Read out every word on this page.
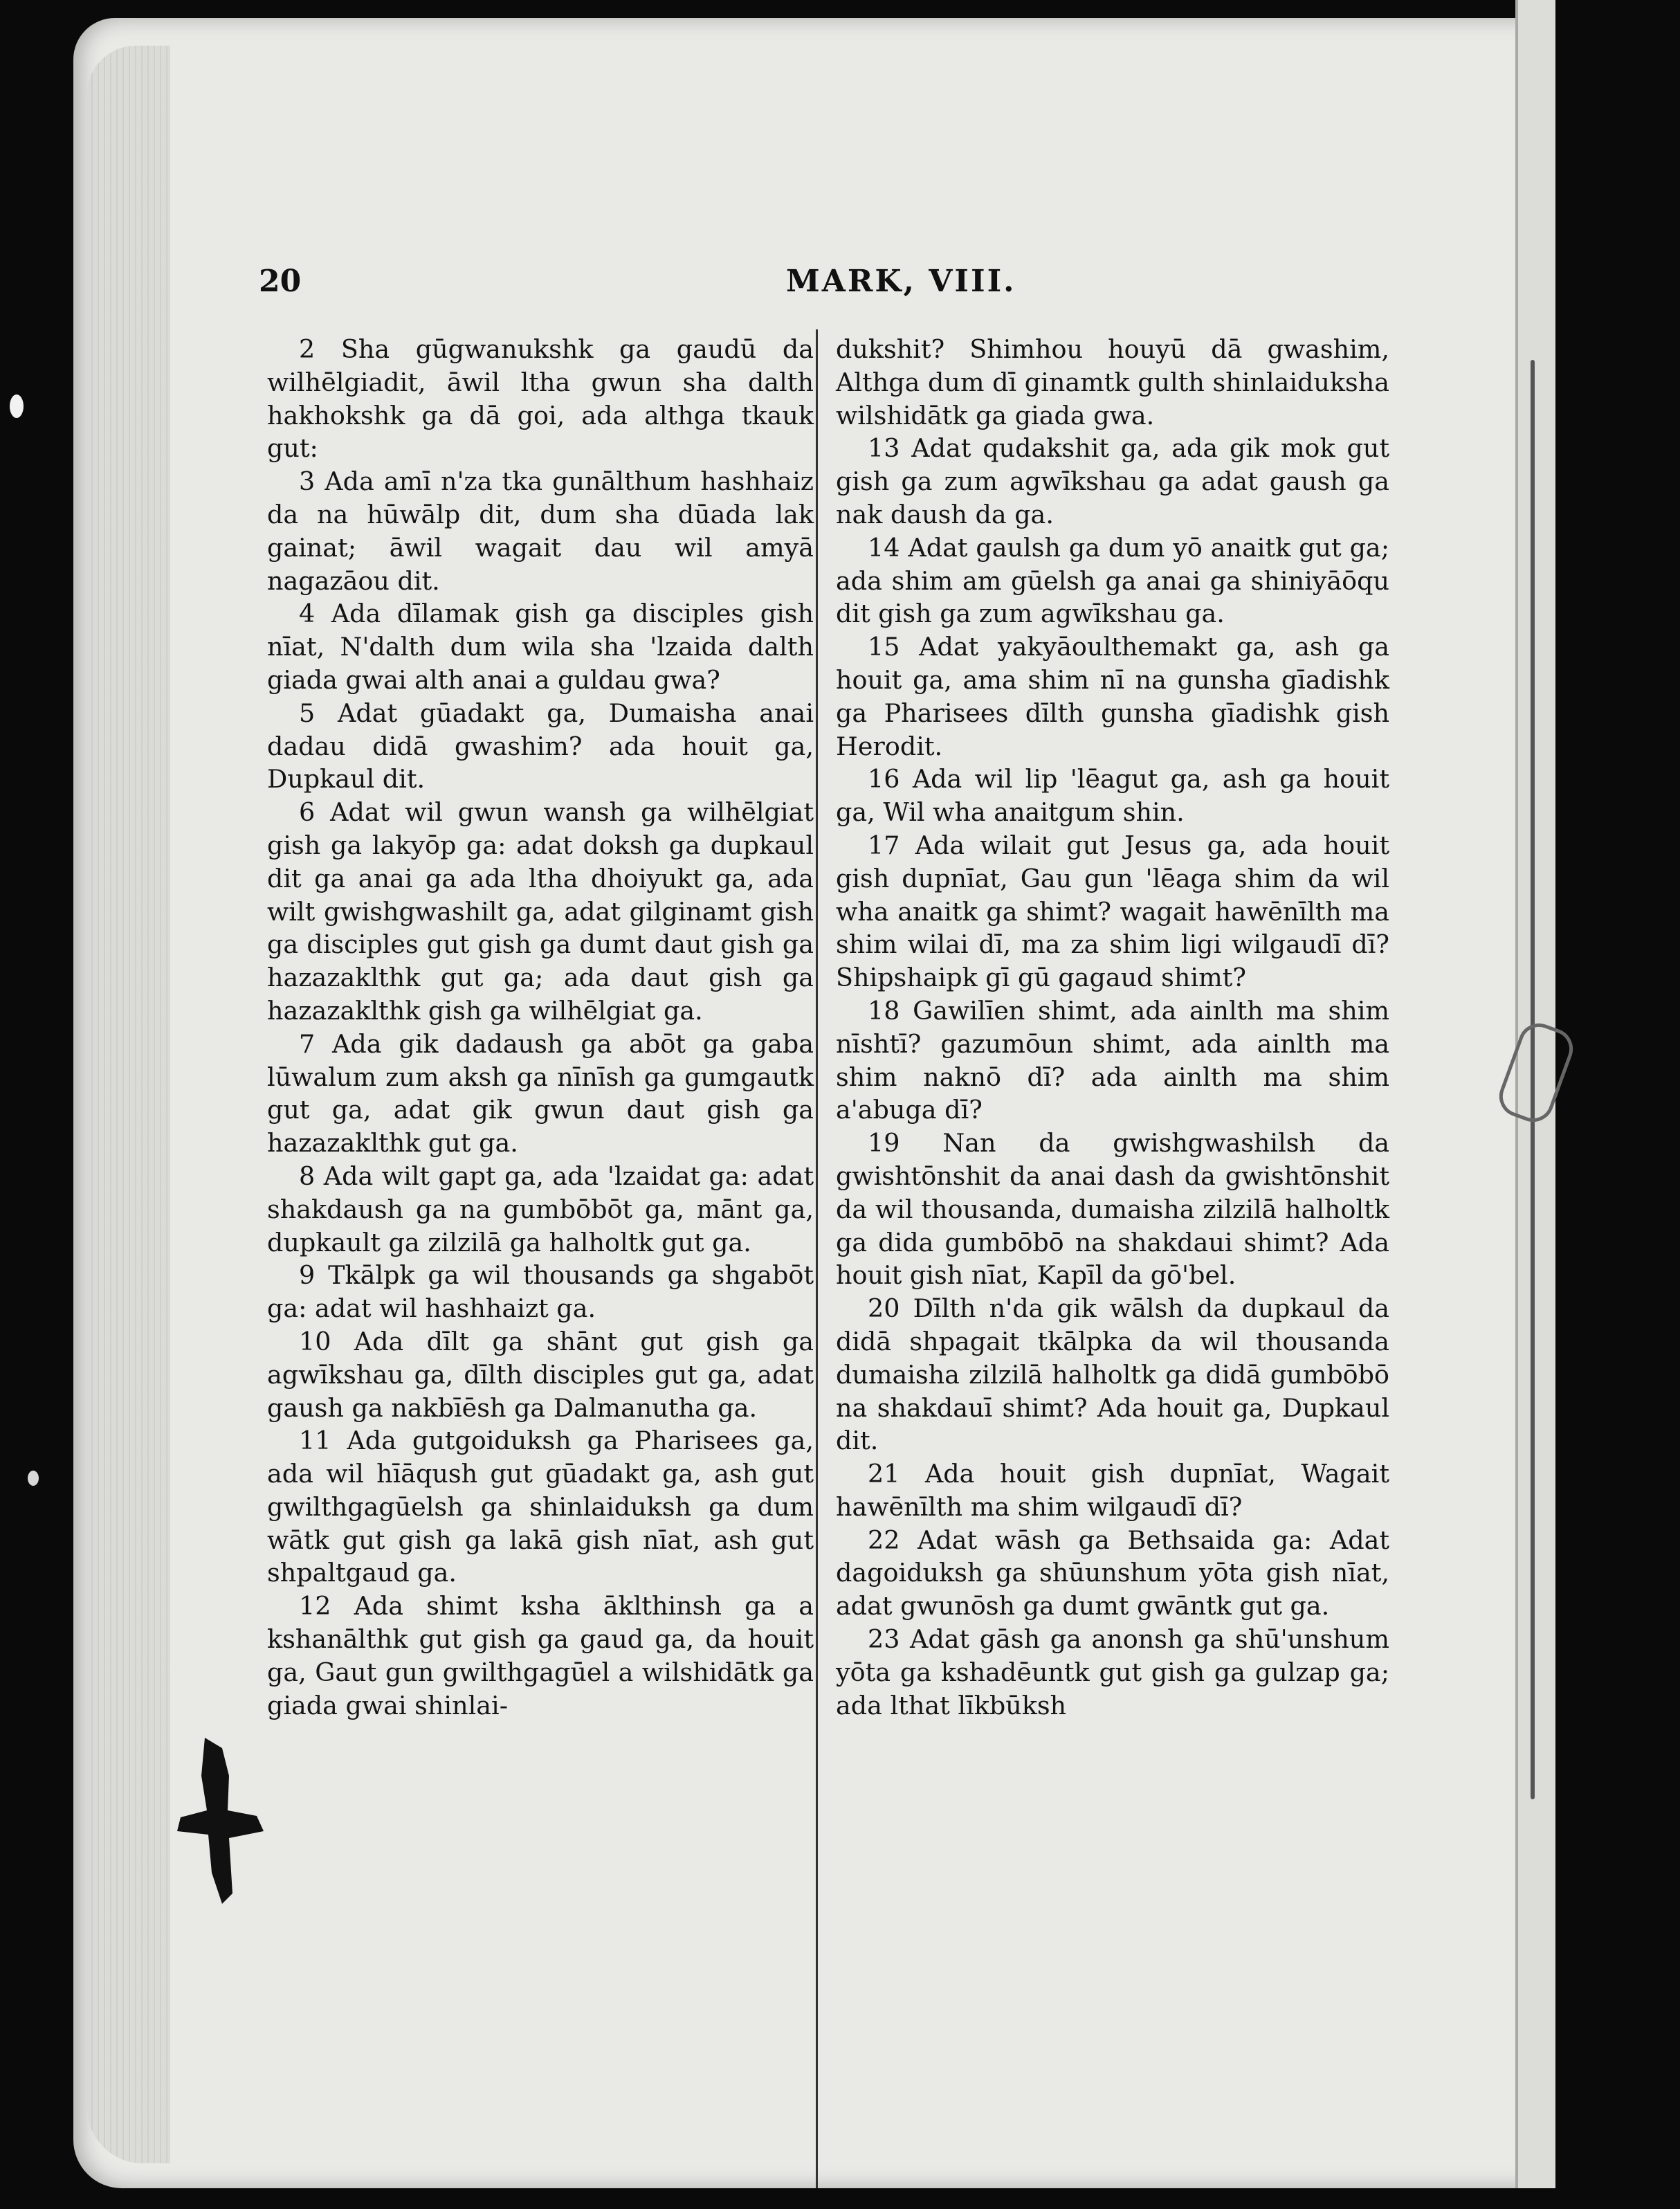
20	MARK, VIII.

2 Sha gūgwanukshk ga gaudū da wilhēlgiadit, āwil ltha gwun sha dalth hakhokshk ga dā goi, ada althga tkauk gut:

3 Ada amī n'za tka gunālthum hashhaiz da na hūwālp dit, dum sha dūada lak gainat; āwil wagait dau wil amyā nagazāou dit.

4 Ada dīlamak gish ga disciples gish nīat, N'dalth dum wila sha 'lzaida dalth giada gwai alth anai a guldau gwa?

5 Adat gūadakt ga, Dumaisha anai dadau didā gwashim? ada houit ga, Dupkaul dit.

6 Adat wil gwun wansh ga wilhēlgiat gish ga lakyōp ga: adat doksh ga dupkaul dit ga anai ga ada ltha dhoiyukt ga, ada wilt gwishgwashilt ga, adat gilginamt gish ga disciples gut gish ga dumt daut gish ga hazazaklthk gut ga; ada daut gish ga hazazaklthk gish ga wilhēlgiat ga.

7 Ada gik dadaush ga abōt ga gaba lūwalum zum aksh ga nīnīsh ga gumgautk gut ga, adat gik gwun daut gish ga hazazaklthk gut ga.

8 Ada wilt gapt ga, ada 'lzaidat ga: adat shakdaush ga na gumbōbōt ga, mānt ga, dupkault ga zilzilā ga halholtk gut ga.

9 Tkālpk ga wil thousands ga shgabōt ga: adat wil hashhaizt ga.

10 Ada dīlt ga shānt gut gish ga agwīkshau ga, dīlth disciples gut ga, adat gaush ga nakbīēsh ga Dalmanutha ga.

11 Ada gutgoiduksh ga Pharisees ga, ada wil hīāqush gut gūadakt ga, ash gut gwilthgagūelsh ga shinlaiduksh ga dum wātk gut gish ga lakā gish nīat, ash gut shpaltgaud ga.

12 Ada shimt ksha āklthinsh ga a kshanālthk gut gish ga gaud ga, da houit ga, Gaut gun gwilthgagūel a wilshidātk ga giada gwai shinlai-

dukshit? Shimhou houyū dā gwashim, Althga dum dī ginamtk gulth shinlaiduksha wilshidātk ga giada gwa.

13 Adat qudakshit ga, ada gik mok gut gish ga zum agwīkshau ga adat gaush ga nak daush da ga.

14 Adat gaulsh ga dum yō anaitk gut ga; ada shim am gūelsh ga anai ga shiniyāōqu dit gish ga zum agwīkshau ga.

15 Adat yakyāoulthemakt ga, ash ga houit ga, ama shim nī na gunsha gīadishk ga Pharisees dīlth gunsha gīadishk gish Herodit.

16 Ada wil lip 'lēagut ga, ash ga houit ga, Wil wha anaitgum shin.

17 Ada wilait gut Jesus ga, ada houit gish dupnīat, Gau gun 'lēaga shim da wil wha anaitk ga shimt? wagait hawēnīlth ma shim wilai dī, ma za shim ligi wilgaudī dī? Shipshaipk gī gū gagaud shimt?

18 Gawilīen shimt, ada ainlth ma shim nīshtī? gazumōun shimt, ada ainlth ma shim naknō dī? ada ainlth ma shim a'abuga dī?

19 Nan da gwishgwashilsh da gwishtōnshit da anai dash da gwishtōnshit da wil thousanda, dumaisha zilzilā halholtk ga dida gumbōbō na shakdaui shimt? Ada houit gish nīat, Kapīl da gō'bel.

20 Dīlth n'da gik wālsh da dupkaul da didā shpagait tkālpka da wil thousanda dumaisha zilzilā halholtk ga didā gumbōbō na shakdauī shimt? Ada houit ga, Dupkaul dit.

21 Ada houit gish dupnīat, Wagait hawēnīlth ma shim wilgaudī dī?

22 Adat wāsh ga Bethsaida ga: Adat dagoiduksh ga shūunshum yōta gish nīat, adat gwunōsh ga dumt gwāntk gut ga.

23 Adat gāsh ga anonsh ga shū'unshum yōta ga kshadēuntk gut gish ga gulzap ga; ada lthat līkbūksh
